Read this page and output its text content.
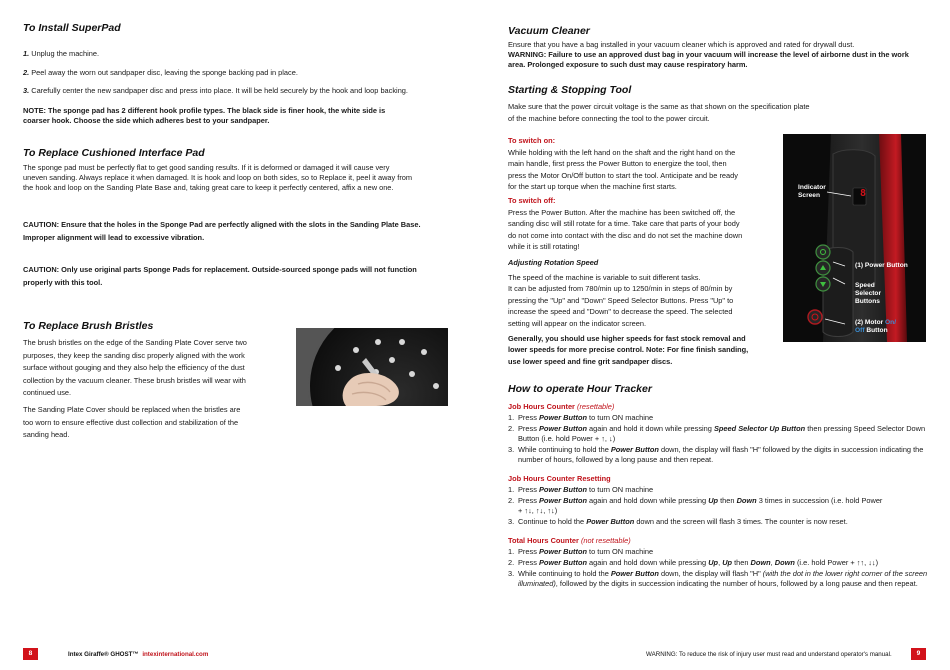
To Install SuperPad
1. Unplug the machine.
2. Peel away the worn out sandpaper disc, leaving the sponge backing pad in place.
3. Carefully center the new sandpaper disc and press into place. It will be held securely by the hook and loop backing.
NOTE: The sponge pad has 2 different hook profile types. The black side is finer hook, the white side is
coarser hook. Choose the side which adheres best to your sandpaper.
To Replace Cushioned Interface Pad
The sponge pad must be perfectly flat to get good sanding results. If it is deformed or damaged it will cause very
uneven sanding. Always replace it when damaged. It is hook and loop on both sides, so to Replace it, peel it away from
the hook and loop on the Sanding Plate Base and, taking great care to keep it perfectly centered, affix a new one.
CAUTION: Ensure that the holes in the Sponge Pad are perfectly aligned with the slots in the Sanding Plate Base.
Improper alignment will lead to excessive vibration.
CAUTION: Only use original parts Sponge Pads for replacement. Outside-sourced sponge pads will not function
properly with this tool.
To Replace Brush Bristles
The brush bristles on the edge of the Sanding Plate Cover serve two
purposes, they keep the sanding disc properly aligned with the work
surface without gouging and they also help the efficiency of the dust
collection by the vacuum cleaner. These brush bristles will wear with
continued use.
The Sanding Plate Cover should be replaced when the bristles are
too worn to ensure effective dust collection and stabilization of the
sanding head.
8	Intex Giraffe® GHOST™ intexinternational.com
Vacuum Cleaner
Ensure that you have a bag installed in your vacuum cleaner which is approved and rated for drywall dust.
WARNING: Failure to use an approved dust bag in your vacuum will increase the level of airborne dust in the work
area. Prolonged exposure to such dust may cause respiratory harm.
Starting & Stopping Tool
Make sure that the power circuit voltage is the same as that shown on the specification plate
of the machine before connecting the tool to the power circuit.
To switch on:
While holding with the left hand on the shaft and the right hand on the
main handle, first press the Power Button to energize the tool, then
press the Motor On/Off button to start the tool. Anticipate and be ready
for the start up torque when the machine first starts.
To switch off:
Press the Power Button. After the machine has been switched off, the
sanding disc will still rotate for a time. Take care that parts of your body
do not come into contact with the disc and do not set the machine down
while it is still rotating!
Adjusting Rotation Speed
The speed of the machine is variable to suit different tasks.
It can be adjusted from 780/min up to 1250/min in steps of 80/min by
pressing the "Up" and "Down" Speed Selector Buttons. Press "Up" to
increase the speed and "Down" to decrease the speed. The selected
setting will appear on the indicator screen.
Generally, you should use higher speeds for fast stock removal and
lower speeds for more precise control. Note: For fine finish sanding,
use lower speed and fine grit sandpaper discs.
How to operate Hour Tracker
Job Hours Counter (resettable)
1. Press Power Button to turn ON machine
2. Press Power Button again and hold it down while pressing Speed Selector Up Button then pressing Speed Selector Down Button (i.e. hold Power + ↑, ↓)
3. While continuing to hold the Power Button down, the display will flash "H" followed by the digits in succession indicating the number of hours, followed by a long pause and then repeat.
Job Hours Counter Resetting
1. Press Power Button to turn ON machine
2. Press Power Button again and hold down while pressing Up then Down 3 times in succession (i.e. hold Power + ↑↓, ↑↓, ↑↓)
3. Continue to hold the Power Button down and the screen will flash 3 times. The counter is now reset.
Total Hours Counter (not resettable)
1. Press Power Button to turn ON machine
2. Press Power Button again and hold down while pressing Up, Up then Down, Down (i.e. hold Power + ↑↑, ↓↓)
3. While continuing to hold the Power Button down, the display will flash "H" (with the dot in the lower right corner of the screen illuminated), followed by the digits in succession indicating the number of hours, followed by a long pause and then repeat.
WARNING: To reduce the risk of injury user must read and understand operator's manual.	9
8
Indicator
Screen
(1) Power Button
Speed
Selector
Buttons
(2) Motor On/
Off Button
